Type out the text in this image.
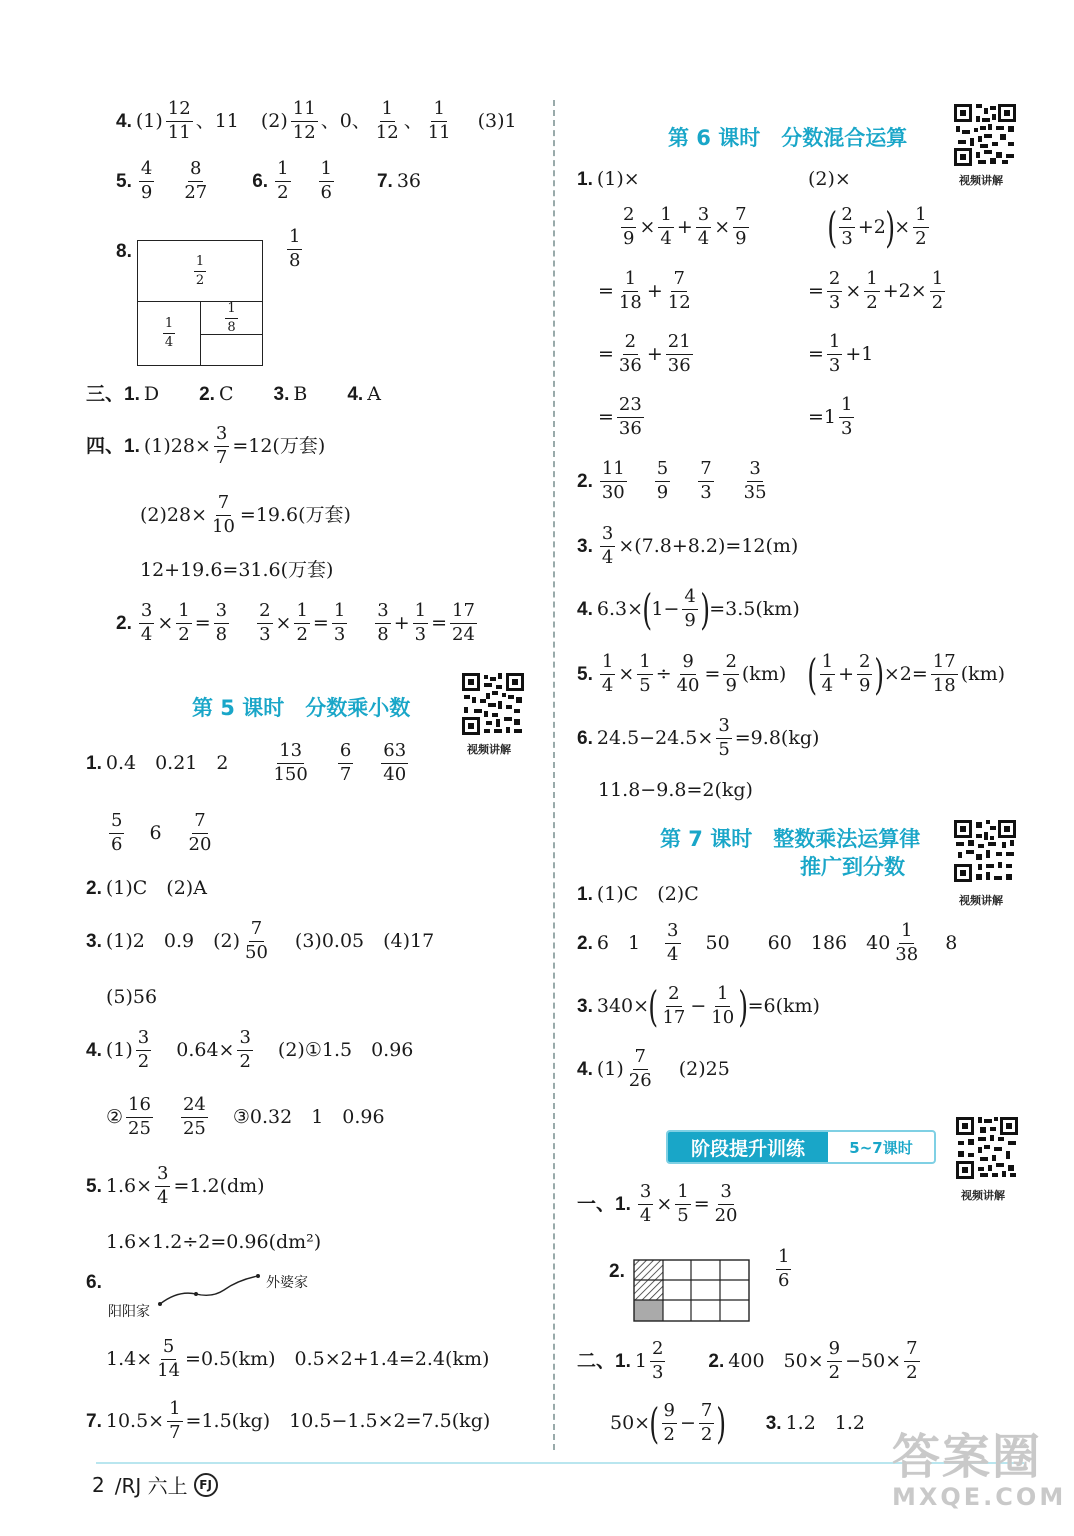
4. (1)
12
11
、11 (2)
11
12
、0、
1
12
、
1
11
(3)1
5.
4
9
8
27
6.
1
2
1
6
7. 36
8.	1
2
1
4
1
8
1
8
三、1. D 2. C 3. B 4. A
四、1. $(1)28\times \frac{3}{7} =12$(万套)
$(2)28\times \frac{7}{10} =19.6$(万套)
12+19.6=31.6(万套)
2. $\frac{3}{4} \times \frac{1}{2} = \frac{3}{8} \frac{2}{3} \times \frac{1}{2} = \frac{1}{3} 3$
8
+ $\frac{1}{3} = \frac{17}{24}$
第 5 课时　分数乘小数
视频讲解
1. 0.4　0.21　2
13
150
6
7
63
40
5
6
6
7
20
2. (1)C　(2)A
3. (1)2　0.9　(2)
7
50
(3)0.05　(4)17
(5)56
4. (1)
3
2
$0.64\times \frac{3}{2}$ (2)①1.5　0.96
②
16
25
24
25
③0.32　1　0.96
5. $1.6\times \frac{3}{4} =1.2(dm)$
1.6×1.2÷2=0.96(dm²)
6.	外婆家
阳阳家
$1.4\times \frac{5}{14} =0.5(km)$　0.5×2+1.4=2.4(km)
7. $10.5\times \frac{1}{7} =1.5(kg)$　10.5−1.5×2=7.5(kg)
第 6 课时　分数混合运算
视频讲解
1. (1)×	(2)×
$\frac{2}{9} \times \frac{1}{4} + \frac{3}{4} \times \frac{7}{9}$
= $\frac{1}{18} + \frac{7}{12}$
= $\frac{2}{36} + \frac{21}{36}$
= $\frac{23}{36}$
( 2
3
+2 ) × $\frac{1}{2}$
= $\frac{2}{3} \times \frac{1}{2} +2\times \frac{1}{2}$
= $\frac{1}{3} +1$
=1
1
3
2.
11
30
5
9
7
3
3
35
3. $\frac{3}{4} \times(7.8+8.2)=12(m)$
4. 6.3× ( $1- \frac{4}{9}$ ) =3.5(km)
5. $\frac{1}{4} \times \frac{1}{5} \div \frac{9}{40} = \frac{2}{9} (km)$ ( 1
4
+ $\frac{2}{9}$ ) $\times 2= \frac{17}{18} (km)$
6. $24.5-24.5\times \frac{3}{5} =9.8(kg)$
11.8−9.8=2(kg)
第 7 课时　整数乘法运算律
推广到分数
视频讲解
1. (1)C　(2)C
2. 6　1
3
4
50　　60　186　40
1
38
8
3. 340× ( 2
17
− $\frac{1}{10}$ ) =6(km)
4. (1)
7
26
(2)25
阶段提升训练	5~7课时
视频讲解
一、1. $\frac{3}{4} \times \frac{1}{5} = \frac{3}{20}$
2.
1
6
二、1. 1
2
3
2. 400　$50\times \frac{9}{2} -50\times \frac{7}{2}$
50× ( 9
2
− $\frac{7}{2}$ ) 3. 1.2　1.2
2 /RJ 六上 FJ	答案圈
MXQE.COM
